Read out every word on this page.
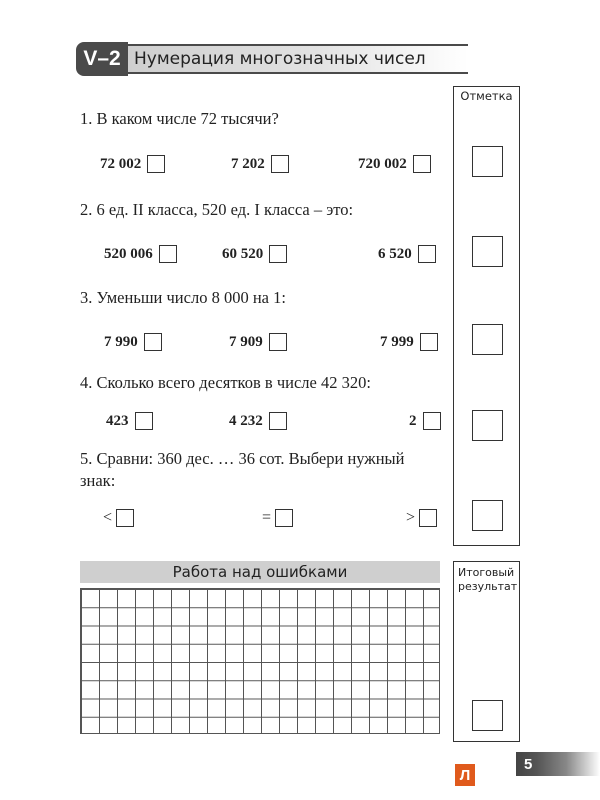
V–2 Нумерация многозначных чисел
Отметка
1. В каком числе 72 тысячи?
72 002	7 202	720 002
2. 6 ед. II класса, 520 ед. I класса – это:
520 006	60 520	6 520
3. Уменьши число 8 000 на 1:
7 990	7 909	7 999
4. Сколько всего десятков в числе 42 320:
423	4 232	2
5. Сравни: 360 дес. … 36 сот. Выбери нужный
знак:
<	=	>
Работа над ошибками	Итоговый результат
5
Л
